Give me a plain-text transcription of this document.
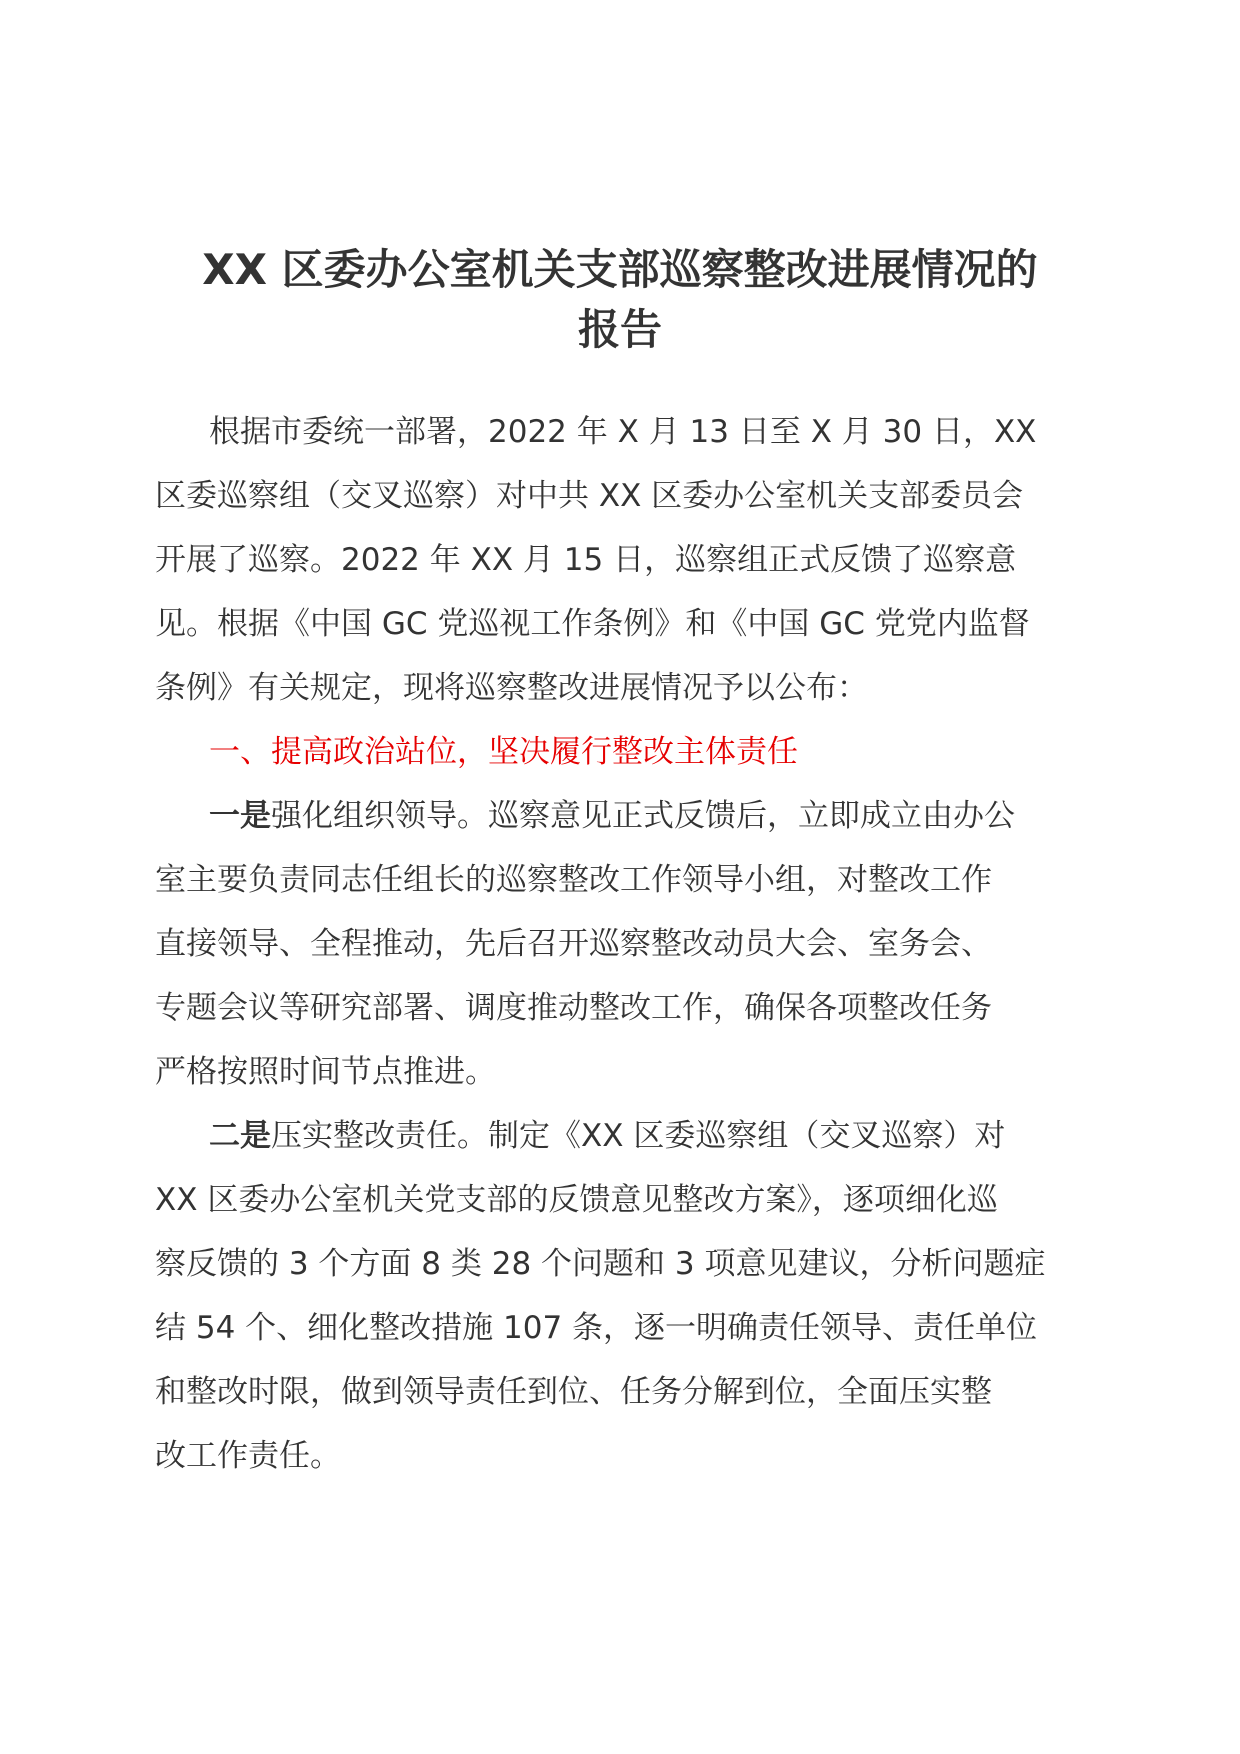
XX 区委办公室机关支部巡察整改进展情况的
报告
根据市委统一部署，2022 年 X 月 13 日至 X 月 30 日，XX
区委巡察组（交叉巡察）对中共 XX 区委办公室机关支部委员会
开展了巡察。2022 年 XX 月 15 日，巡察组正式反馈了巡察意
见。根据《中国 GC 党巡视工作条例》和《中国 GC 党党内监督
条例》有关规定，现将巡察整改进展情况予以公布：
一、提高政治站位，坚决履行整改主体责任
一是强化组织领导。巡察意见正式反馈后，立即成立由办公
室主要负责同志任组长的巡察整改工作领导小组，对整改工作
直接领导、全程推动，先后召开巡察整改动员大会、室务会、
专题会议等研究部署、调度推动整改工作，确保各项整改任务
严格按照时间节点推进。
二是压实整改责任。制定《XX 区委巡察组（交叉巡察）对
XX 区委办公室机关党支部的反馈意见整改方案》，逐项细化巡
察反馈的 3 个方面 8 类 28 个问题和 3 项意见建议，分析问题症
结 54 个、细化整改措施 107 条，逐一明确责任领导、责任单位
和整改时限，做到领导责任到位、任务分解到位，全面压实整
改工作责任。
